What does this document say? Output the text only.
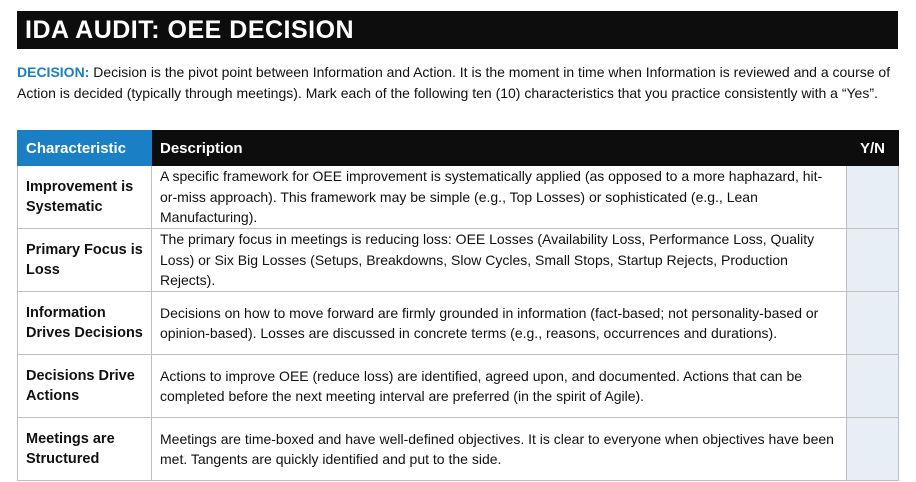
IDA AUDIT: OEE DECISION
DECISION: Decision is the pivot point between Information and Action. It is the moment in time when Information is reviewed and a course of Action is decided (typically through meetings). Mark each of the following ten (10) characteristics that you practice consistently with a “Yes”.
Characteristic	Description	Y/N
Improvement is Systematic	A specific framework for OEE improvement is systematically applied (as opposed to a more haphazard, hit-or-miss approach). This framework may be simple (e.g., Top Losses) or sophisticated (e.g., Lean Manufacturing).	
Primary Focus is Loss	The primary focus in meetings is reducing loss: OEE Losses (Availability Loss, Performance Loss, Quality Loss) or Six Big Losses (Setups, Breakdowns, Slow Cycles, Small Stops, Startup Rejects, Production Rejects).	
Information Drives Decisions	Decisions on how to move forward are firmly grounded in information (fact-based; not personality-based or opinion-based). Losses are discussed in concrete terms (e.g., reasons, occurrences and durations).	
Decisions Drive Actions	Actions to improve OEE (reduce loss) are identified, agreed upon, and documented. Actions that can be completed before the next meeting interval are preferred (in the spirit of Agile).	
Meetings are Structured	Meetings are time-boxed and have well-defined objectives. It is clear to everyone when objectives have been met. Tangents are quickly identified and put to the side.	
